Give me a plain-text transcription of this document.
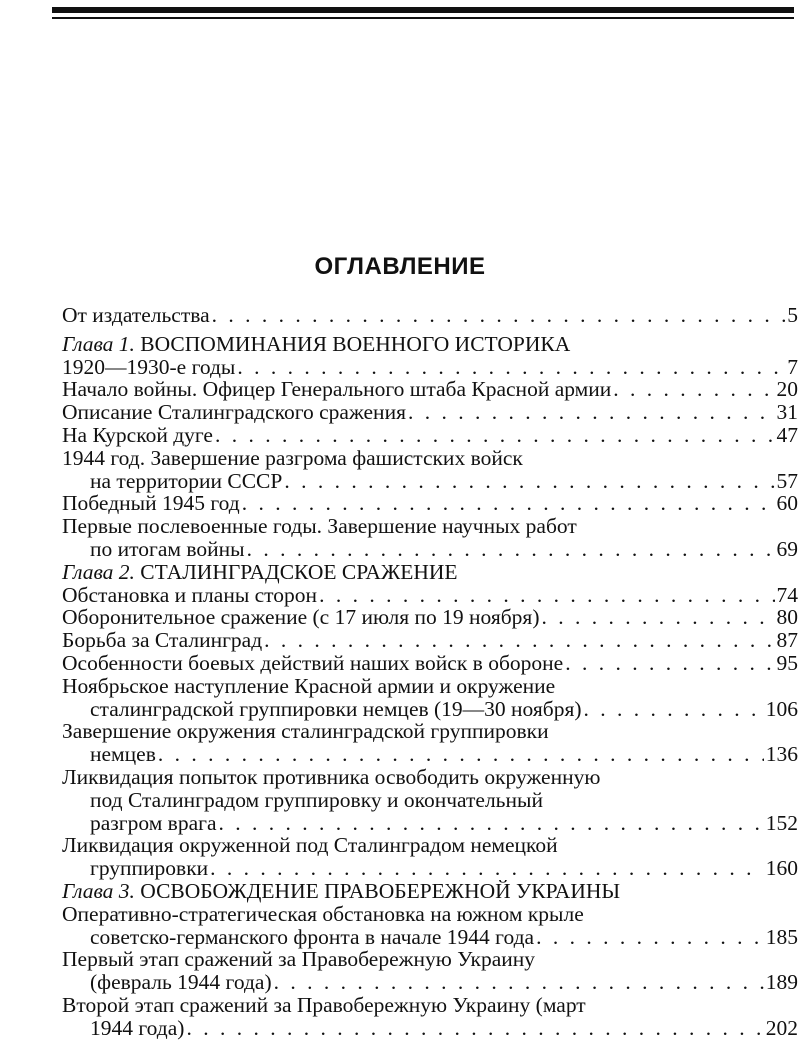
ОГЛАВЛЕНИЕ
От издательства . . .	5
Глава 1. ВОСПОМИНАНИЯ ВОЕННОГО ИСТОРИКА
1920—1930-е годы . . .	7
Начало войны. Офицер Генерального штаба Красной армии . . .	20
Описание Сталинградского сражения . . .	31
На Курской дуге . . .	47
1944 год. Завершение разгрома фашистских войск
на территории СССР . . .	57
Победный 1945 год . . .	60
Первые послевоенные годы. Завершение научных работ
по итогам войны . . .	69
Глава 2. СТАЛИНГРАДСКОЕ СРАЖЕНИЕ
Обстановка и планы сторон . . .	74
Оборонительное сражение (с 17 июля по 19 ноября) . . .	80
Борьба за Сталинград . . .	87
Особенности боевых действий наших войск в обороне . . .	95
Ноябрьское наступление Красной армии и окружение
сталинградской группировки немцев (19—30 ноября) . . .	106
Завершение окружения сталинградской группировки
немцев . . .	136
Ликвидация попыток противника освободить окруженную
под Сталинградом группировку и окончательный
разгром врага . . .	152
Ликвидация окруженной под Сталинградом немецкой
группировки . . .	160
Глава 3. ОСВОБОЖДЕНИЕ ПРАВОБЕРЕЖНОЙ УКРАИНЫ
Оперативно-стратегическая обстановка на южном крыле
советско-германского фронта в начале 1944 года . . .	185
Первый этап сражений за Правобережную Украину
(февраль 1944 года) . . .	189
Второй этап сражений за Правобережную Украину (март
1944 года) . . .	202
